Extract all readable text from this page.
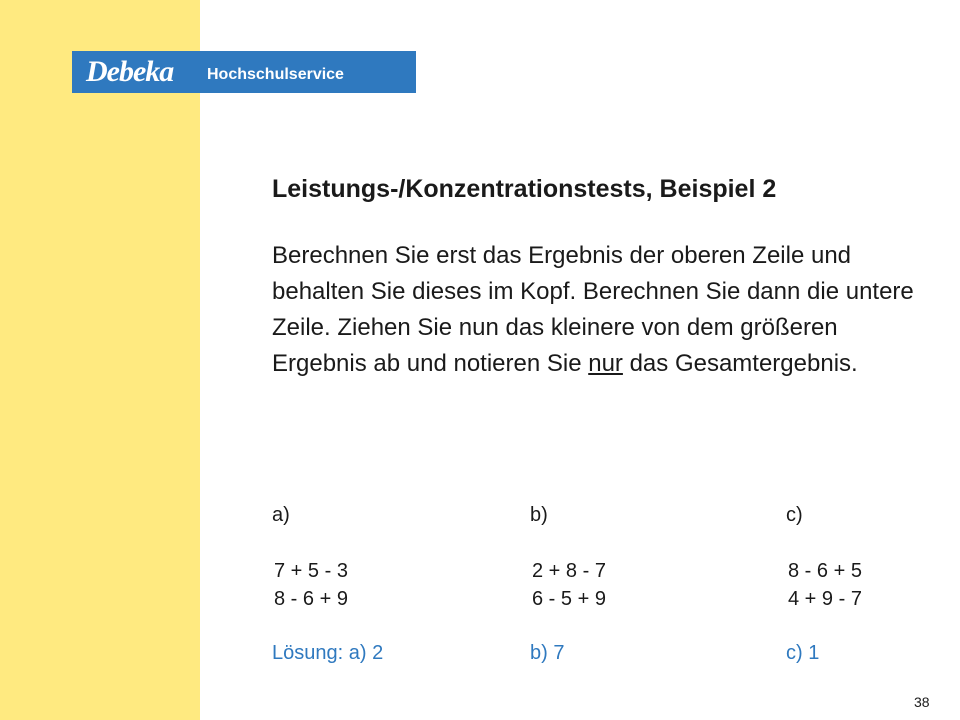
Debeka Hochschulservice
Leistungs-/Konzentrationstests, Beispiel 2
Berechnen Sie erst das Ergebnis der oberen Zeile und behalten Sie dieses im Kopf. Berechnen Sie dann die untere Zeile. Ziehen Sie nun das kleinere von dem größeren Ergebnis ab und notieren Sie nur das Gesamtergebnis.
a)
7 + 5 - 3
8 - 6 + 9
Lösung: a) 2
b)
2 + 8 - 7
6 - 5 + 9
b) 7
c)
8 - 6 + 5
4 + 9 - 7
c) 1
38
